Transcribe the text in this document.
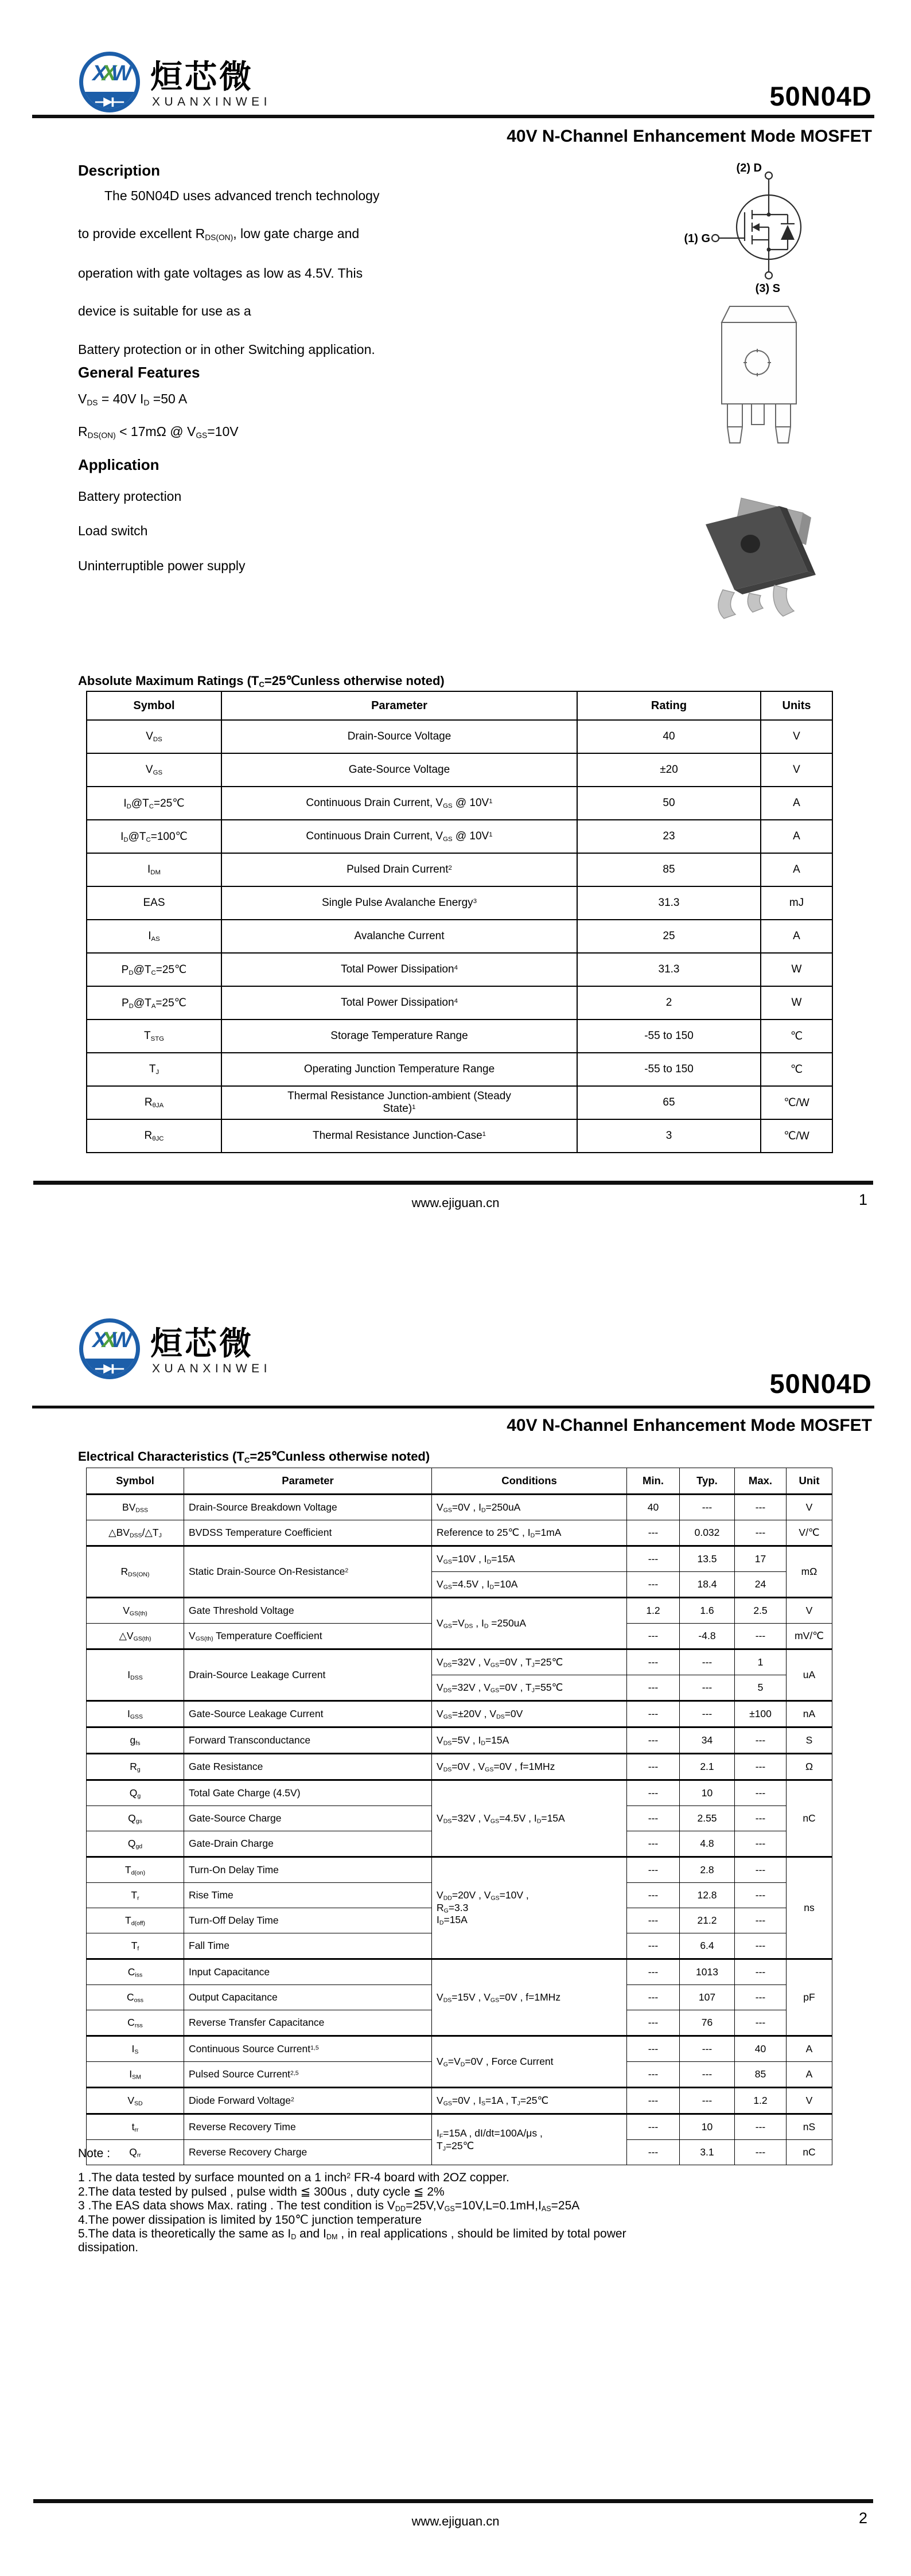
XXW 烜芯微
XUANXINWEI	50N04D
40V N-Channel Enhancement Mode MOSFET
Description
The 50N04D uses advanced trench technology
to provide excellent $R_{DS(ON)}$, low gate charge and
operation with gate voltages as low as 4.5V. This
device is suitable for use as a
Battery protection or in other Switching application.
General Features
$V_{DS} = 40V$ $I_D =50$ A
$R_{DS(ON)} < 17m\Omega$ @ $V_{GS}=10V$
Application
Battery protection
Load switch
Uninterruptible power supply
(2) D
(1) G
(3) S
Absolute Maximum Ratings ($T_C=25℃unless$ otherwise noted)
Symbol	Parameter	Rating	Units
$V_{DS}$	Drain-Source Voltage	40	V
$V_{GS}$	Gate-Source Voltage	±20	V
$I_D@T_C=25℃$	Continuous Drain Current, $V_{GS}$ @ $10V^1$	50	A
$I_D@T_C=100℃$	Continuous Drain Current, $V_{GS}$ @ $10V^1$	23	A
$I_{DM}$	Pulsed Drain Current$^2$	85	A
EAS	Single Pulse Avalanche Energy$^3$	31.3	mJ
$I_{AS}$	Avalanche Current	25	A
$P_D@T_C=25℃$	Total Power Dissipation$^4$	31.3	W
$P_D@T_A=25℃$	Total Power Dissipation$^4$	2	W
$T_{STG}$	Storage Temperature Range	-55 to 150	℃
$T_J$	Operating Junction Temperature Range	-55 to 150	℃
$R_{\theta JA}$	Thermal Resistance Junction-ambient (Steady
State)$^1$	65	℃/W
$R_{\theta JC}$	Thermal Resistance Junction-Case$^1$	3	℃/W
www.ejiguan.cn	1
XXW 烜芯微
XUANXINWEI	50N04D
40V N-Channel Enhancement Mode MOSFET
Electrical Characteristics ($T_C=25℃unless$ otherwise noted)
Symbol	Parameter	Conditions	Min.	Typ.	Max.	Unit
$BV_{DSS}$	Drain-Source Breakdown Voltage	$V_{GS}=0V$ , $I_D=250uA$	40	---	---	V
$\triangle BV_{DSS}/\triangle T_J$	BVDSS Temperature Coefficient	Reference to 25℃ , $I_D=1mA$	---	0.032	---	V/℃
$R_{DS(ON)}$	Static Drain-Source On-Resistance$^2$	$V_{GS}=10V$ , $I_D=15A$	---	13.5	17	mΩ
		$V_{GS}=4.5V$ , $I_D=10A$	---	18.4	24	
$V_{GS(th)}$	Gate Threshold Voltage	$V_{GS}=V_{DS}$ , $I_D =250uA$	1.2	1.6	2.5	V
$\triangle V_{GS(th)}$	$V_{GS(th)}$ Temperature Coefficient		---	-4.8	---	mV/℃
$I_{DSS}$	Drain-Source Leakage Current	$V_{DS}=32V$ , $V_{GS}=0V$ , $T_J=25℃$	---	---	1	uA
		$V_{DS}=32V$ , $V_{GS}=0V$ , $T_J=55℃$	---	---	5	
$I_{GSS}$	Gate-Source Leakage Current	$V_{GS}=\pm 20V$ , $V_{DS}=0V$	---	---	±100	nA
$g_{fs}$	Forward Transconductance	$V_{DS}=5V$ , $I_D=15A$	---	34	---	S
$R_g$	Gate Resistance	$V_{DS}=0V$ , $V_{GS}=0V$ , f=1MHz	---	2.1	---	Ω
$Q_g$	Total Gate Charge (4.5V)	$V_{DS}=32V$ , $V_{GS}=4.5V$ , $I_D=15A$	---	10	---	nC
$Q_{gs}$	Gate-Source Charge		---	2.55	---	
$Q_{gd}$	Gate-Drain Charge		---	4.8	---	
$T_{d(on)}$	Turn-On Delay Time	$V_{DD}=20V$ , $V_{GS}=10V$ ,
$R_G=3.3$
$I_D=15A$	---	2.8	---	ns
$T_r$	Rise Time		---	12.8	---	
$T_{d(off)}$	Turn-Off Delay Time		---	21.2	---	
$T_f$	Fall Time		---	6.4	---	
$C_{iss}$	Input Capacitance	$V_{DS}=15V$ , $V_{GS}=0V$ , f=1MHz	---	1013	---	pF
$C_{oss}$	Output Capacitance		---	107	---	
$C_{rss}$	Reverse Transfer Capacitance		---	76	---	
$I_S$	Continuous Source Current$^{1,5}$	$V_G=V_D=0V$ , Force Current	---	---	40	A
$I_{SM}$	Pulsed Source Current$^{2,5}$		---	---	85	A
$V_{SD}$	Diode Forward Voltage$^2$	$V_{GS}=0V$ , $I_S=1A$ , $T_J=25℃$	---	---	1.2	V
$t_{rr}$	Reverse Recovery Time	$I_F=15A$ , dI/dt=100A/μs ,
$T_J=25℃$	---	10	---	nS
$Q_{rr}$	Reverse Recovery Charge		---	3.1	---	nC
Note :
1 .The data tested by surface mounted on a 1 inch$^2$ FR-4 board with 2OZ copper.
2.The data tested by pulsed , pulse width ≦ 300us , duty cycle ≦ 2%
3 .The EAS data shows Max. rating . The test condition is $V_{DD}=25V,V_{GS}=10V,L=0.1mH,I_{AS}=25A$
4.The power dissipation is limited by 150℃ junction temperature
5.The data is theoretically the same as $I_D$ and $I_{DM}$ , in real applications , should be limited by total power
dissipation.
www.ejiguan.cn	2
